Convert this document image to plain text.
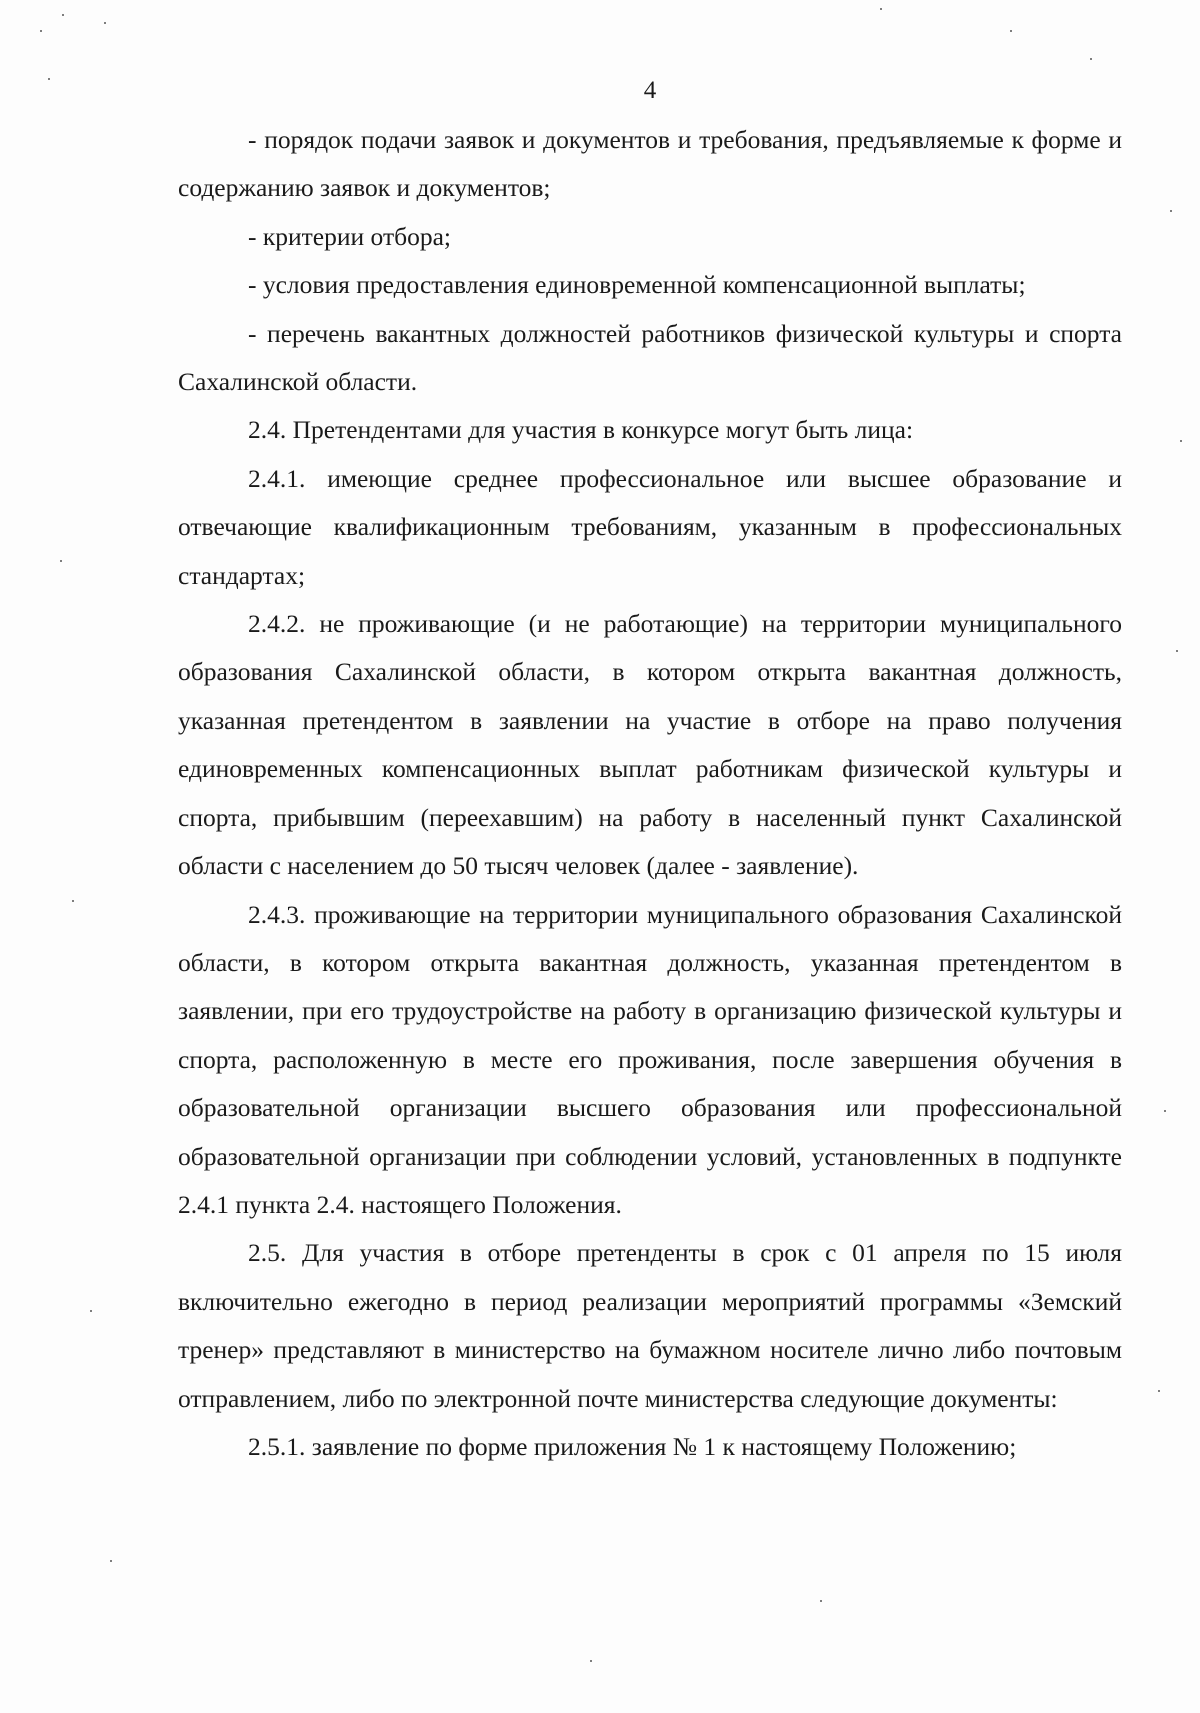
4

- порядок подачи заявок и документов и требования, предъявляемые к форме и содержанию заявок и документов;

- критерии отбора;

- условия предоставления единовременной компенсационной выплаты;

- перечень вакантных должностей работников физической культуры и спорта Сахалинской области.

2.4. Претендентами для участия в конкурсе могут быть лица:

2.4.1. имеющие среднее профессиональное или высшее образование и отвечающие квалификационным требованиям, указанным в профессиональных стандартах;

2.4.2. не проживающие (и не работающие) на территории муниципального образования Сахалинской области, в котором открыта вакантная должность, указанная претендентом в заявлении на участие в отборе на право получения единовременных компенсационных выплат работникам физической культуры и спорта, прибывшим (переехавшим) на работу в населенный пункт Сахалинской области с населением до 50 тысяч человек (далее - заявление).

2.4.3. проживающие на территории муниципального образования Сахалинской области, в котором открыта вакантная должность, указанная претендентом в заявлении, при его трудоустройстве на работу в организацию физической культуры и спорта, расположенную в месте его проживания, после завершения обучения в образовательной организации высшего образования или профессиональной образовательной организации при соблюдении условий, установленных в подпункте 2.4.1 пункта 2.4. настоящего Положения.

2.5. Для участия в отборе претенденты в срок с 01 апреля по 15 июля включительно ежегодно в период реализации мероприятий программы «Земский тренер» представляют в министерство на бумажном носителе лично либо почтовым отправлением, либо по электронной почте министерства следующие документы:

2.5.1. заявление по форме приложения № 1 к настоящему Положению;
